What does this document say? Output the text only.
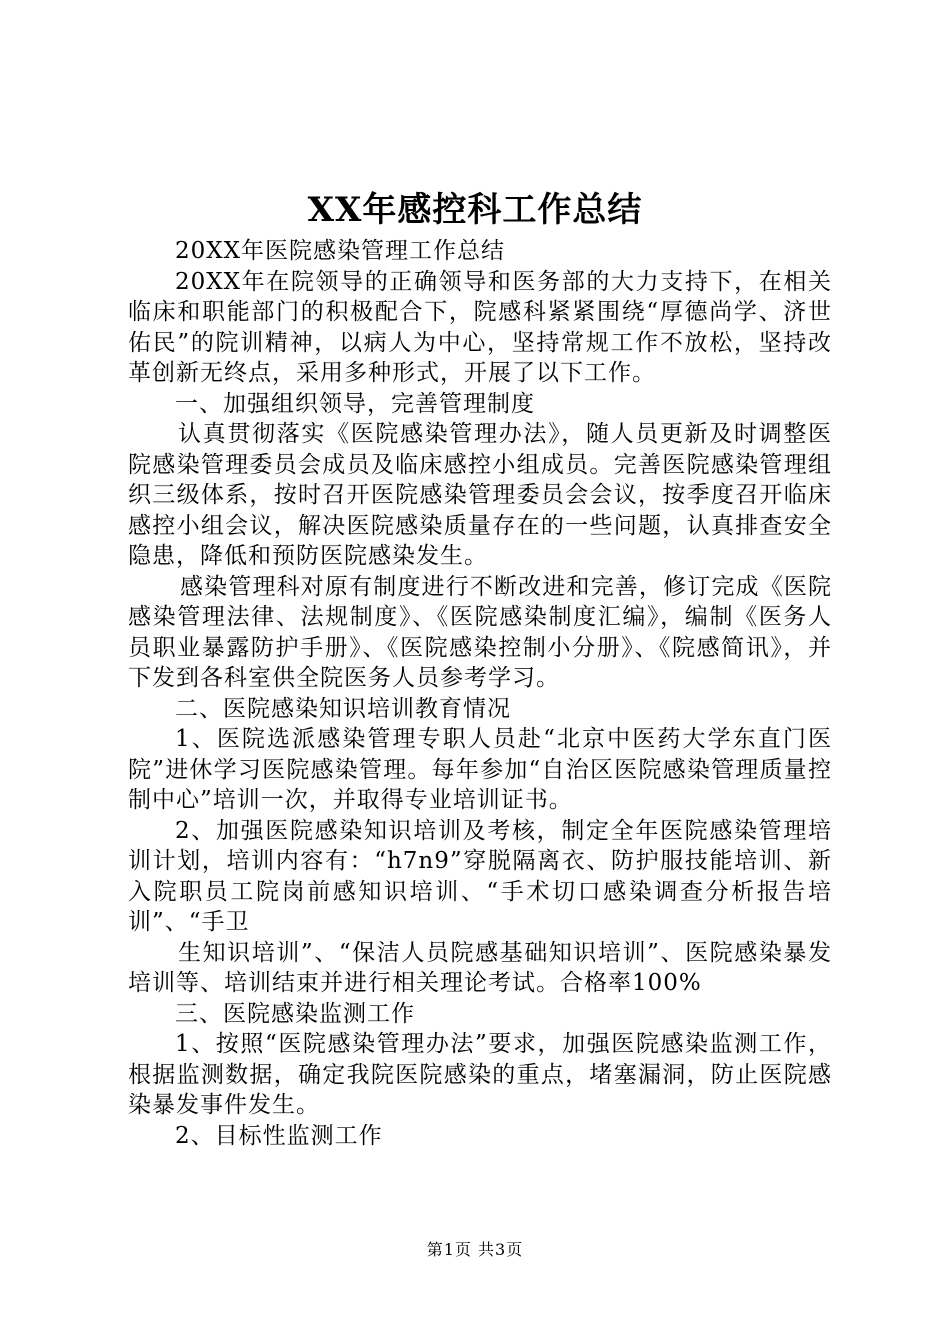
XX年感控科工作总结

20XX年医院感染管理工作总结

20XX年在院领导的正确领导和医务部的大力支持下，在相关临床和职能部门的积极配合下，院感科紧紧围绕“厚德尚学、济世佑民”的院训精神，以病人为中心，坚持常规工作不放松，坚持改革创新无终点，采用多种形式，开展了以下工作。

一、加强组织领导，完善管理制度

认真贯彻落实《医院感染管理办法》，随人员更新及时调整医院感染管理委员会成员及临床感控小组成员。完善医院感染管理组织三级体系，按时召开医院感染管理委员会会议，按季度召开临床感控小组会议，解决医院感染质量存在的一些问题，认真排查安全隐患，降低和预防医院感染发生。

感染管理科对原有制度进行不断改进和完善，修订完成《医院感染管理法律、法规制度》、《医院感染制度汇编》，编制《医务人员职业暴露防护手册》、《医院感染控制小分册》、《院感简讯》，并下发到各科室供全院医务人员参考学习。

二、医院感染知识培训教育情况

1、医院选派感染管理专职人员赴“北京中医药大学东直门医院”进休学习医院感染管理。每年参加“自治区医院感染管理质量控制中心”培训一次，并取得专业培训证书。

2、加强医院感染知识培训及考核，制定全年医院感染管理培训计划，培训内容有：“h7n9”穿脱隔离衣、防护服技能培训、新入院职员工院岗前感知识培训、“手术切口感染调查分析报告培训”、“手卫

生知识培训”、“保洁人员院感基础知识培训”、医院感染暴发培训等、培训结束并进行相关理论考试。合格率100%

三、医院感染监测工作

1、按照“医院感染管理办法”要求，加强医院感染监测工作，根据监测数据，确定我院医院感染的重点，堵塞漏洞，防止医院感染暴发事件发生。

2、目标性监测工作

第1页 共3页
